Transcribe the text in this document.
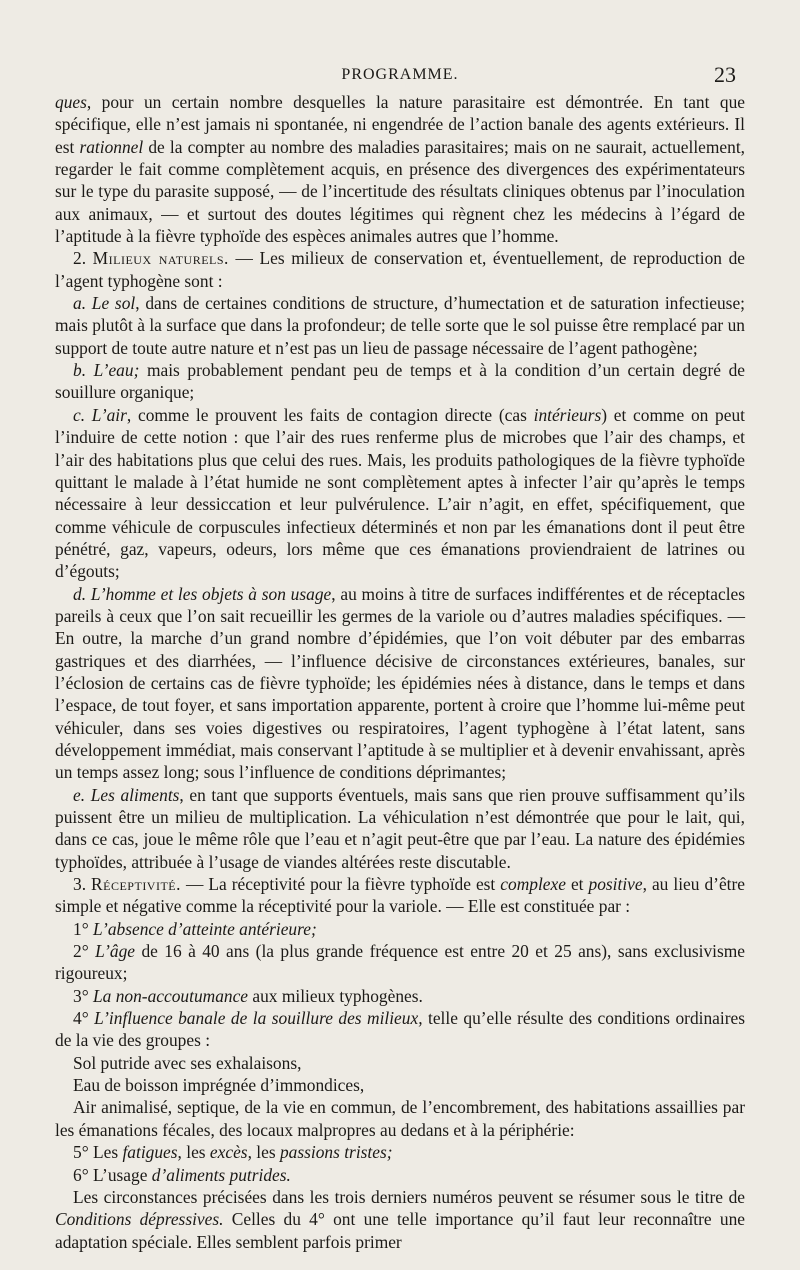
PROGRAMME.	23

ques, pour un certain nombre desquelles la nature parasitaire est démontrée. En tant que spécifique, elle n’est jamais ni spontanée, ni engendrée de l’action banale des agents extérieurs. Il est rationnel de la compter au nombre des maladies parasitaires; mais on ne saurait, actuellement, regarder le fait comme complètement acquis, en présence des divergences des expérimentateurs sur le type du parasite supposé, — de l’incertitude des résultats cliniques obtenus par l’inoculation aux animaux, — et surtout des doutes légitimes qui règnent chez les médecins à l’égard de l’aptitude à la fièvre typhoïde des espèces animales autres que l’homme.

2. Milieux naturels. — Les milieux de conservation et, éventuellement, de reproduction de l’agent typhogène sont :

a. Le sol, dans de certaines conditions de structure, d’humectation et de saturation infectieuse; mais plutôt à la surface que dans la profondeur; de telle sorte que le sol puisse être remplacé par un support de toute autre nature et n’est pas un lieu de passage nécessaire de l’agent pathogène;

b. L’eau; mais probablement pendant peu de temps et à la condition d’un certain degré de souillure organique;

c. L’air, comme le prouvent les faits de contagion directe (cas intérieurs) et comme on peut l’induire de cette notion : que l’air des rues renferme plus de microbes que l’air des champs, et l’air des habitations plus que celui des rues. Mais, les produits pathologiques de la fièvre typhoïde quittant le malade à l’état humide ne sont complètement aptes à infecter l’air qu’après le temps nécessaire à leur dessiccation et leur pulvérulence. L’air n’agit, en effet, spécifiquement, que comme véhicule de corpuscules infectieux déterminés et non par les émanations dont il peut être pénétré, gaz, vapeurs, odeurs, lors même que ces émanations proviendraient de latrines ou d’égouts;

d. L’homme et les objets à son usage, au moins à titre de surfaces indifférentes et de réceptacles pareils à ceux que l’on sait recueillir les germes de la variole ou d’autres maladies spécifiques. — En outre, la marche d’un grand nombre d’épidémies, que l’on voit débuter par des embarras gastriques et des diarrhées, — l’influence décisive de circonstances extérieures, banales, sur l’éclosion de certains cas de fièvre typhoïde; les épidémies nées à distance, dans le temps et dans l’espace, de tout foyer, et sans importation apparente, portent à croire que l’homme lui-même peut véhiculer, dans ses voies digestives ou respiratoires, l’agent typhogène à l’état latent, sans développement immédiat, mais conservant l’aptitude à se multiplier et à devenir envahissant, après un temps assez long; sous l’influence de conditions déprimantes;

e. Les aliments, en tant que supports éventuels, mais sans que rien prouve suffisamment qu’ils puissent être un milieu de multiplication. La véhiculation n’est démontrée que pour le lait, qui, dans ce cas, joue le même rôle que l’eau et n’agit peut-être que par l’eau. La nature des épidémies typhoïdes, attribuée à l’usage de viandes altérées reste discutable.

3. Réceptivité. — La réceptivité pour la fièvre typhoïde est complexe et positive, au lieu d’être simple et négative comme la réceptivité pour la variole. — Elle est constituée par :

1° L’absence d’atteinte antérieure;

2° L’âge de 16 à 40 ans (la plus grande fréquence est entre 20 et 25 ans), sans exclusivisme rigoureux;

3° La non-accoutumance aux milieux typhogènes.

4° L’influence banale de la souillure des milieux, telle qu’elle résulte des conditions ordinaires de la vie des groupes :

Sol putride avec ses exhalaisons,

Eau de boisson imprégnée d’immondices,

Air animalisé, septique, de la vie en commun, de l’encombrement, des habitations assaillies par les émanations fécales, des locaux malpropres au dedans et à la périphérie:

5° Les fatigues, les excès, les passions tristes;

6° L’usage d’aliments putrides.

Les circonstances précisées dans les trois derniers numéros peuvent se résumer sous le titre de Conditions dépressives. Celles du 4° ont une telle importance qu’il faut leur reconnaître une adaptation spéciale. Elles semblent parfois primer
